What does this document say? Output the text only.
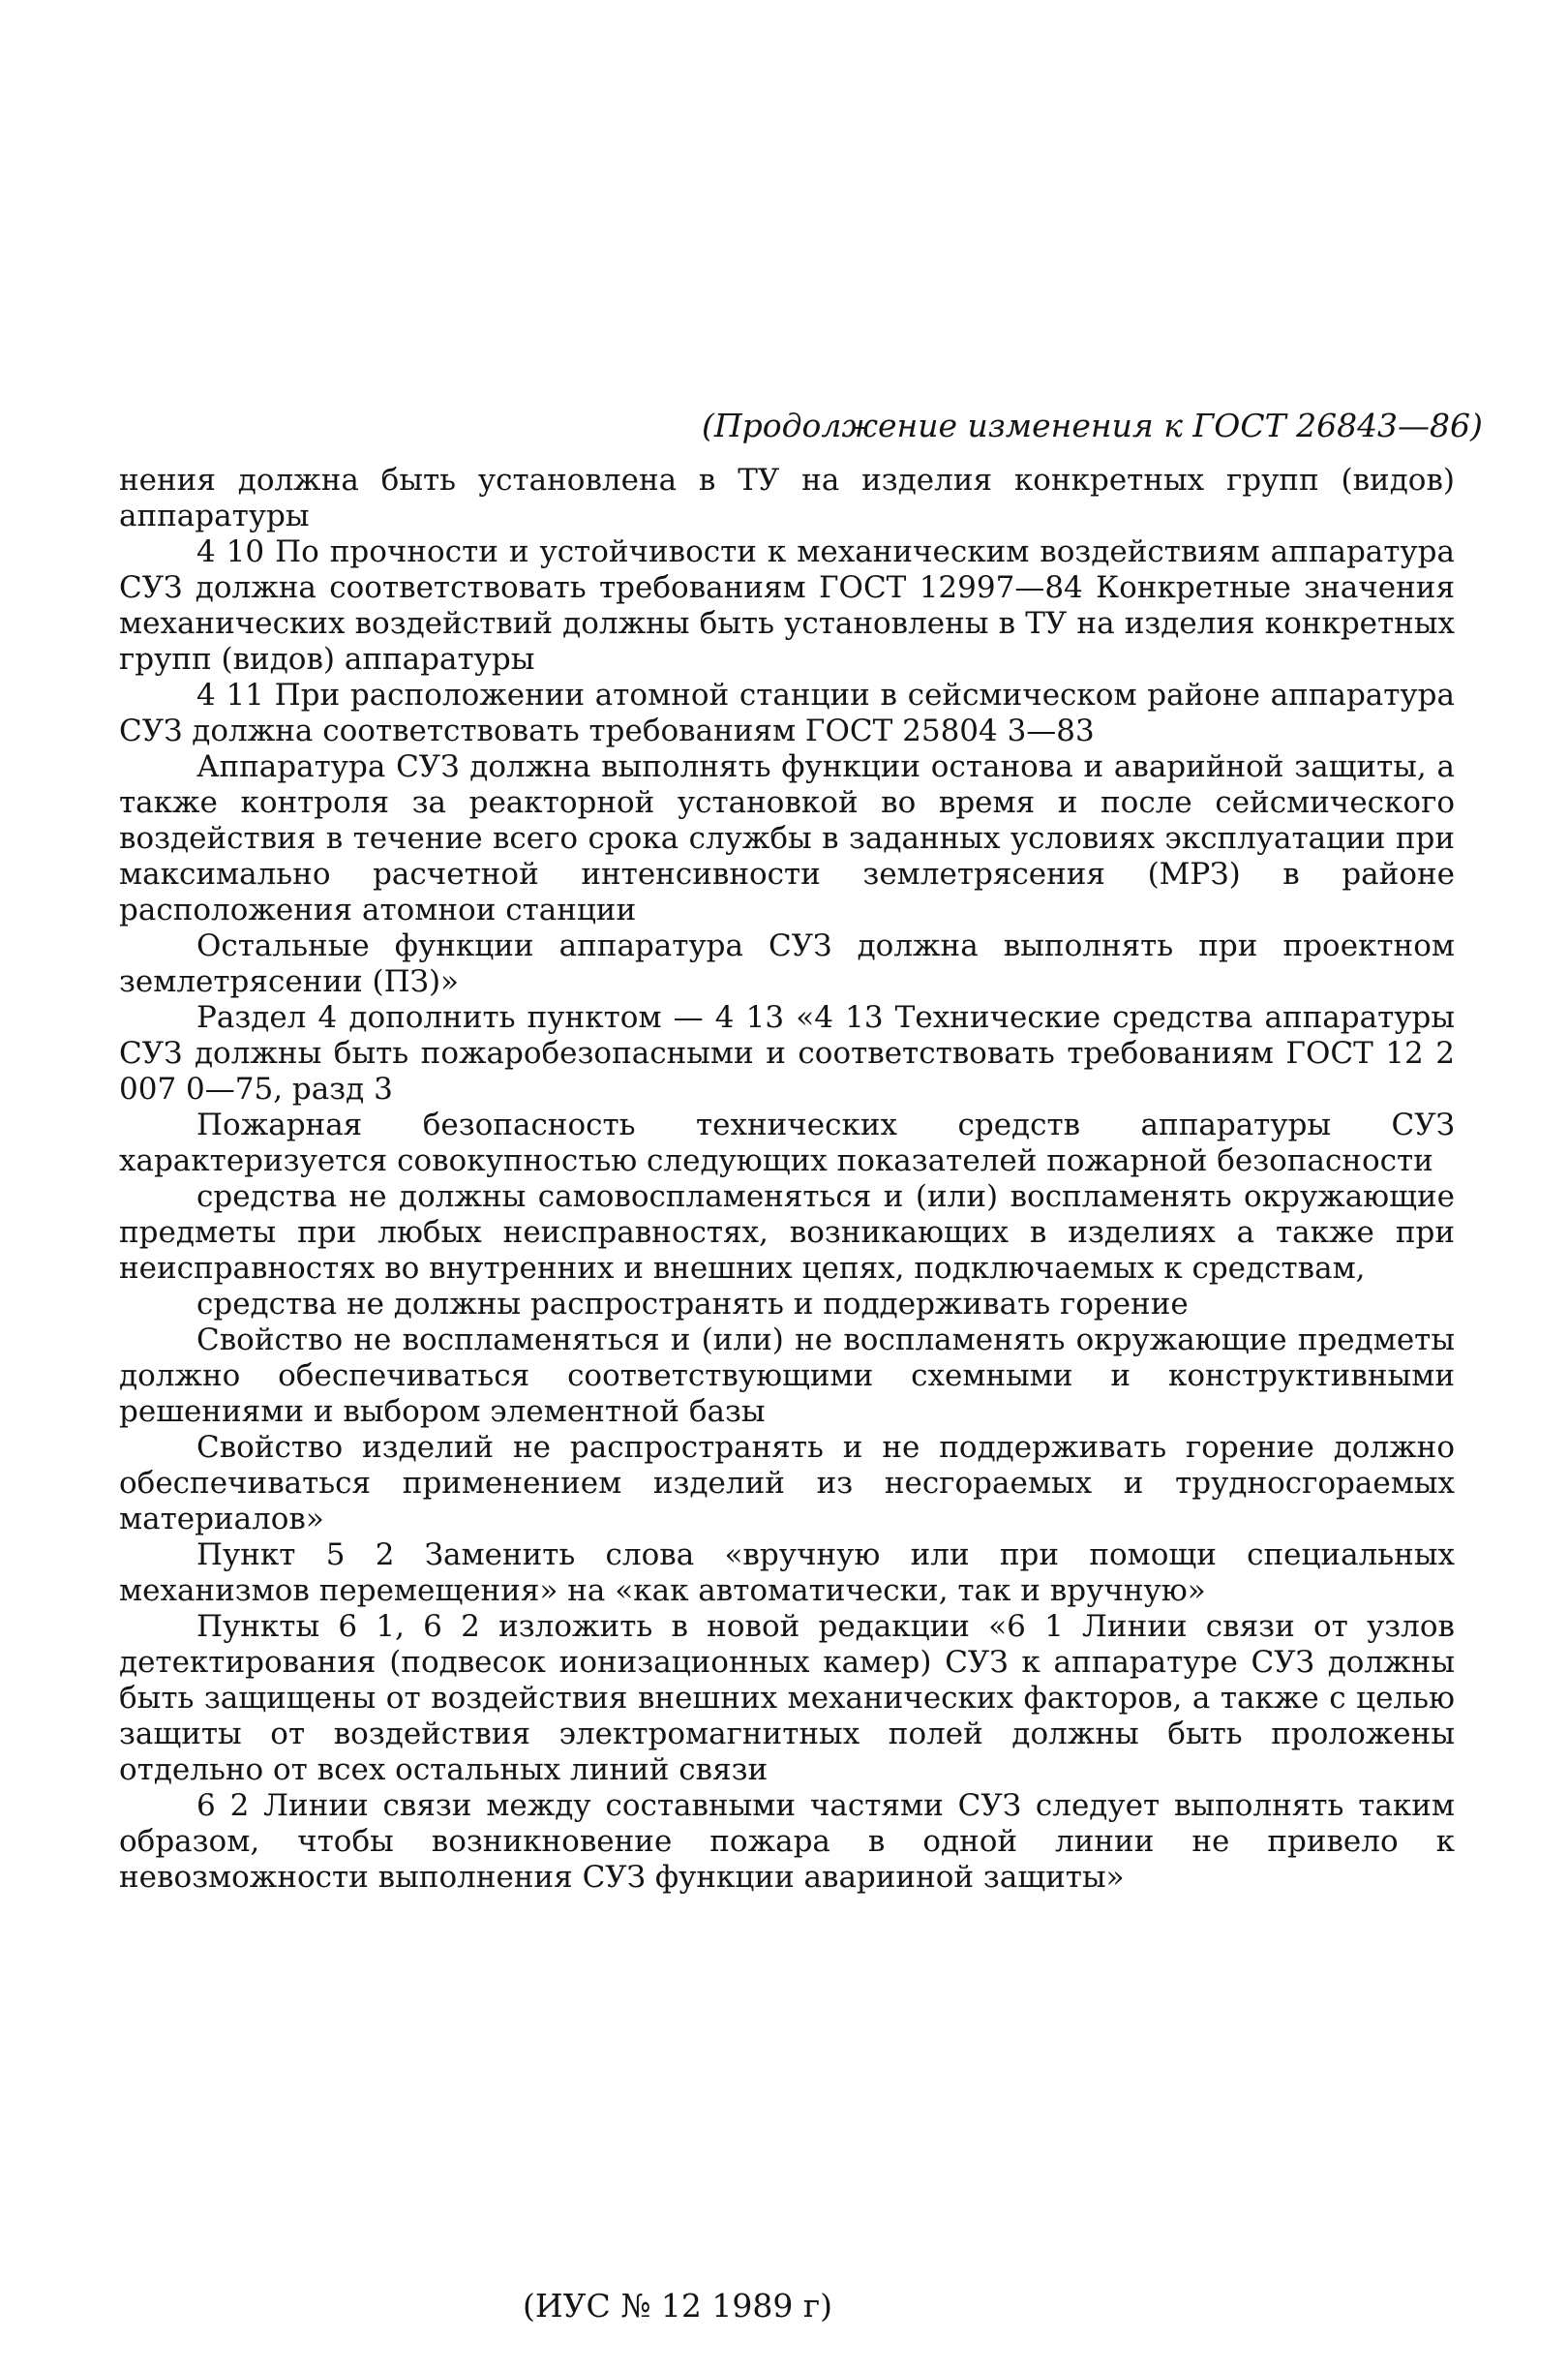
(Продолжение изменения к ГОСТ 26843—86)

нения должна быть установлена в ТУ на изделия конкретных групп (видов) аппаратуры

4 10 По прочности и устойчивости к механическим воздействиям аппаратура СУЗ должна соответствовать требованиям ГОСТ 12997—84 Конкретные значения механических воздействий должны быть установлены в ТУ на изделия конкретных групп (видов) аппаратуры

4 11 При расположении атомной станции в сейсмическом районе аппаратура СУЗ должна соответствовать требованиям ГОСТ 25804 3—83

Аппаратура СУЗ должна выполнять функции останова и аварийной защиты, а также контроля за реакторной установкой во время и после сейсмического воздействия в течение всего срока службы в заданных условиях эксплуатации при максимально расчетной интенсивности землетрясения (МРЗ) в районе расположения атомнои станции

Остальные функции аппаратура СУЗ должна выполнять при проектном землетрясении (ПЗ)»

Раздел 4 дополнить пунктом — 4 13 «4 13 Технические средства аппаратуры СУЗ должны быть пожаробезопасными и соответствовать требованиям ГОСТ 12 2 007 0—75, разд 3

Пожарная безопасность технических средств аппаратуры СУЗ характеризуется совокупностью следующих показателей пожарной безопасности

средства не должны самовоспламеняться и (или) воспламенять окружающие предметы при любых неисправностях, возникающих в изделиях а также при неисправностях во внутренних и внешних цепях, подключаемых к средствам,

средства не должны распространять и поддерживать горение

Свойство не воспламеняться и (или) не воспламенять окружающие предметы должно обеспечиваться соответствующими схемными и конструктивными решениями и выбором элементной базы

Свойство изделий не распространять и не поддерживать горение должно обеспечиваться применением изделий из несгораемых и трудносгораемых материалов»

Пункт 5 2 Заменить слова «вручную или при помощи специальных механизмов перемещения» на «как автоматически, так и вручную»

Пункты 6 1, 6 2 изложить в новой редакции «6 1 Линии связи от узлов детектирования (подвесок ионизационных камер) СУЗ к аппаратуре СУЗ должны быть защищены от воздействия внешних механических факторов, а также с целью защиты от воздействия электромагнитных полей должны быть проложены отдельно от всех остальных линий связи

6 2 Линии связи между составными частями СУЗ следует выполнять таким образом, чтобы возникновение пожара в одной линии не привело к невозможности выполнения СУЗ функции аварииной защиты»

(ИУС № 12 1989 г)
